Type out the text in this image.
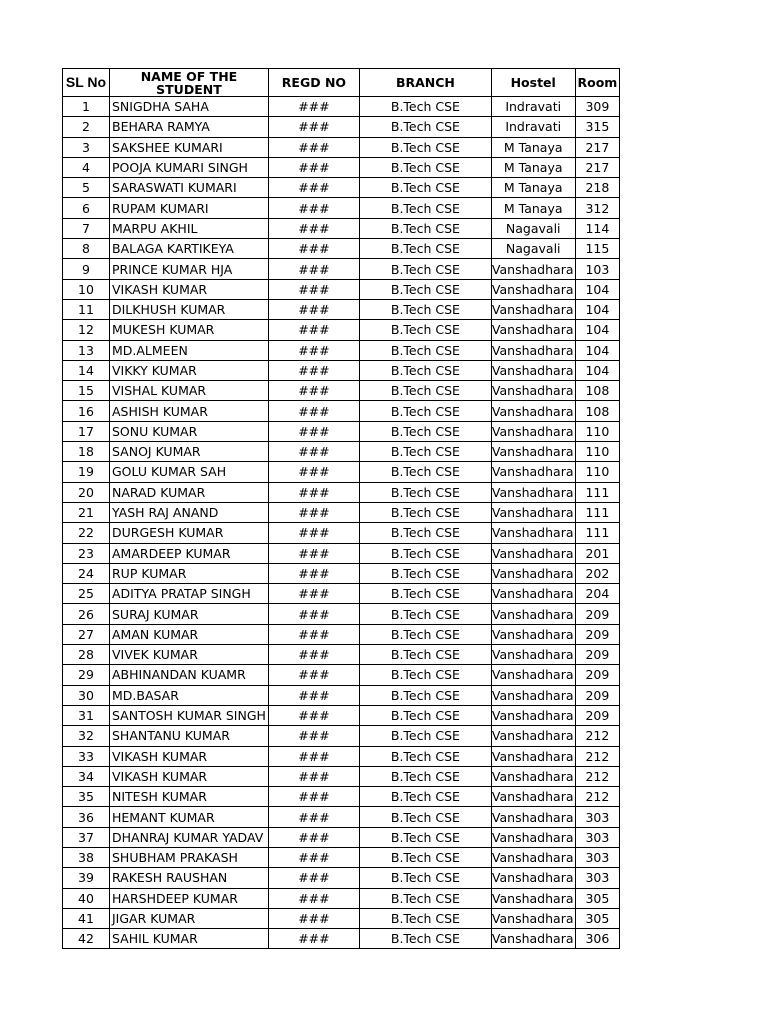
SL No	NAME OF THE STUDENT	REGD NO	BRANCH	Hostel	Room
1	SNIGDHA SAHA	###	B.Tech CSE	Indravati	309
2	BEHARA RAMYA	###	B.Tech CSE	Indravati	315
3	SAKSHEE KUMARI	###	B.Tech CSE	M Tanaya	217
4	POOJA KUMARI SINGH	###	B.Tech CSE	M Tanaya	217
5	SARASWATI KUMARI	###	B.Tech CSE	M Tanaya	218
6	RUPAM KUMARI	###	B.Tech CSE	M Tanaya	312
7	MARPU AKHIL	###	B.Tech CSE	Nagavali	114
8	BALAGA KARTIKEYA	###	B.Tech CSE	Nagavali	115
9	PRINCE KUMAR HJA	###	B.Tech CSE	Vanshadhara	103
10	VIKASH KUMAR	###	B.Tech CSE	Vanshadhara	104
11	DILKHUSH KUMAR	###	B.Tech CSE	Vanshadhara	104
12	MUKESH KUMAR	###	B.Tech CSE	Vanshadhara	104
13	MD.ALMEEN	###	B.Tech CSE	Vanshadhara	104
14	VIKKY KUMAR	###	B.Tech CSE	Vanshadhara	104
15	VISHAL KUMAR	###	B.Tech CSE	Vanshadhara	108
16	ASHISH KUMAR	###	B.Tech CSE	Vanshadhara	108
17	SONU KUMAR	###	B.Tech CSE	Vanshadhara	110
18	SANOJ KUMAR	###	B.Tech CSE	Vanshadhara	110
19	GOLU KUMAR SAH	###	B.Tech CSE	Vanshadhara	110
20	NARAD KUMAR	###	B.Tech CSE	Vanshadhara	111
21	YASH RAJ ANAND	###	B.Tech CSE	Vanshadhara	111
22	DURGESH KUMAR	###	B.Tech CSE	Vanshadhara	111
23	AMARDEEP KUMAR	###	B.Tech CSE	Vanshadhara	201
24	RUP KUMAR	###	B.Tech CSE	Vanshadhara	202
25	ADITYA PRATAP SINGH	###	B.Tech CSE	Vanshadhara	204
26	SURAJ KUMAR	###	B.Tech CSE	Vanshadhara	209
27	AMAN KUMAR	###	B.Tech CSE	Vanshadhara	209
28	VIVEK KUMAR	###	B.Tech CSE	Vanshadhara	209
29	ABHINANDAN KUAMR	###	B.Tech CSE	Vanshadhara	209
30	MD.BASAR	###	B.Tech CSE	Vanshadhara	209
31	SANTOSH KUMAR SINGH	###	B.Tech CSE	Vanshadhara	209
32	SHANTANU KUMAR	###	B.Tech CSE	Vanshadhara	212
33	VIKASH KUMAR	###	B.Tech CSE	Vanshadhara	212
34	VIKASH KUMAR	###	B.Tech CSE	Vanshadhara	212
35	NITESH KUMAR	###	B.Tech CSE	Vanshadhara	212
36	HEMANT KUMAR	###	B.Tech CSE	Vanshadhara	303
37	DHANRAJ KUMAR YADAV	###	B.Tech CSE	Vanshadhara	303
38	SHUBHAM PRAKASH	###	B.Tech CSE	Vanshadhara	303
39	RAKESH RAUSHAN	###	B.Tech CSE	Vanshadhara	303
40	HARSHDEEP KUMAR	###	B.Tech CSE	Vanshadhara	305
41	JIGAR KUMAR	###	B.Tech CSE	Vanshadhara	305
42	SAHIL KUMAR	###	B.Tech CSE	Vanshadhara	306
